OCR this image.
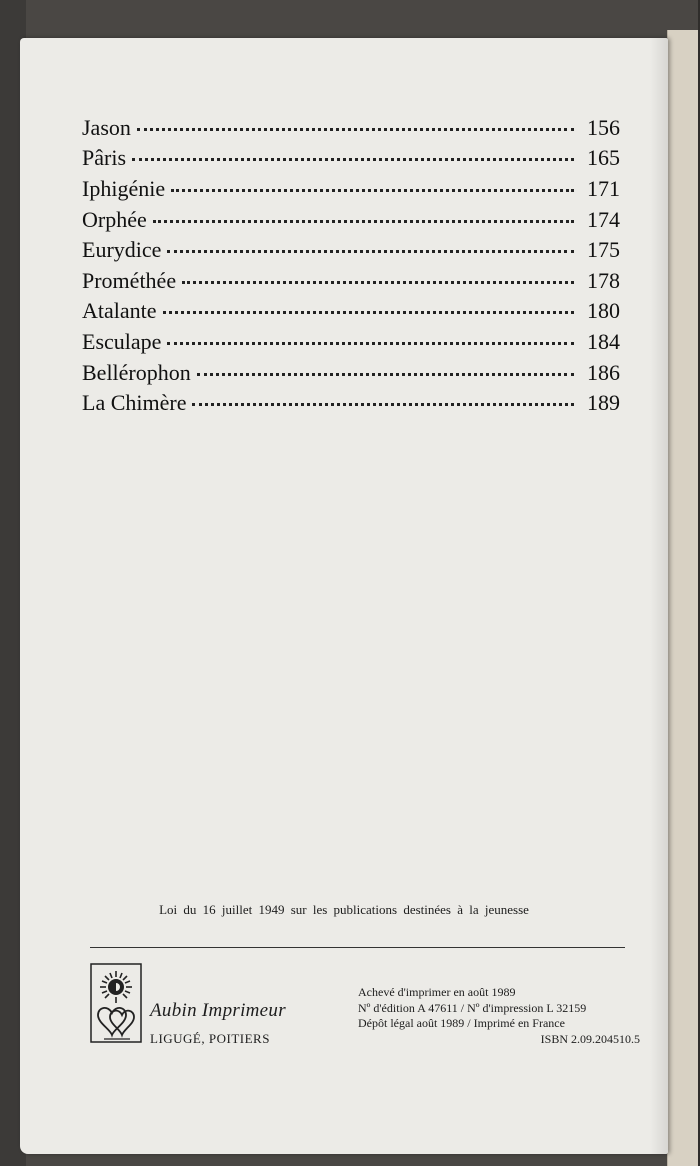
Jason	156
Pâris	165
Iphigénie	171
Orphée	174
Eurydice	175
Prométhée	178
Atalante	180
Esculape	184
Bellérophon	186
La Chimère	189
Loi du 16 juillet 1949 sur les publications destinées à la jeunesse
Aubin Imprimeur
LIGUGÉ, POITIERS
Achevé d'imprimer en août 1989
Nº d'édition A 47611 / Nº d'impression L 32159
Dépôt légal août 1989 / Imprimé en France
ISBN 2.09.204510.5
